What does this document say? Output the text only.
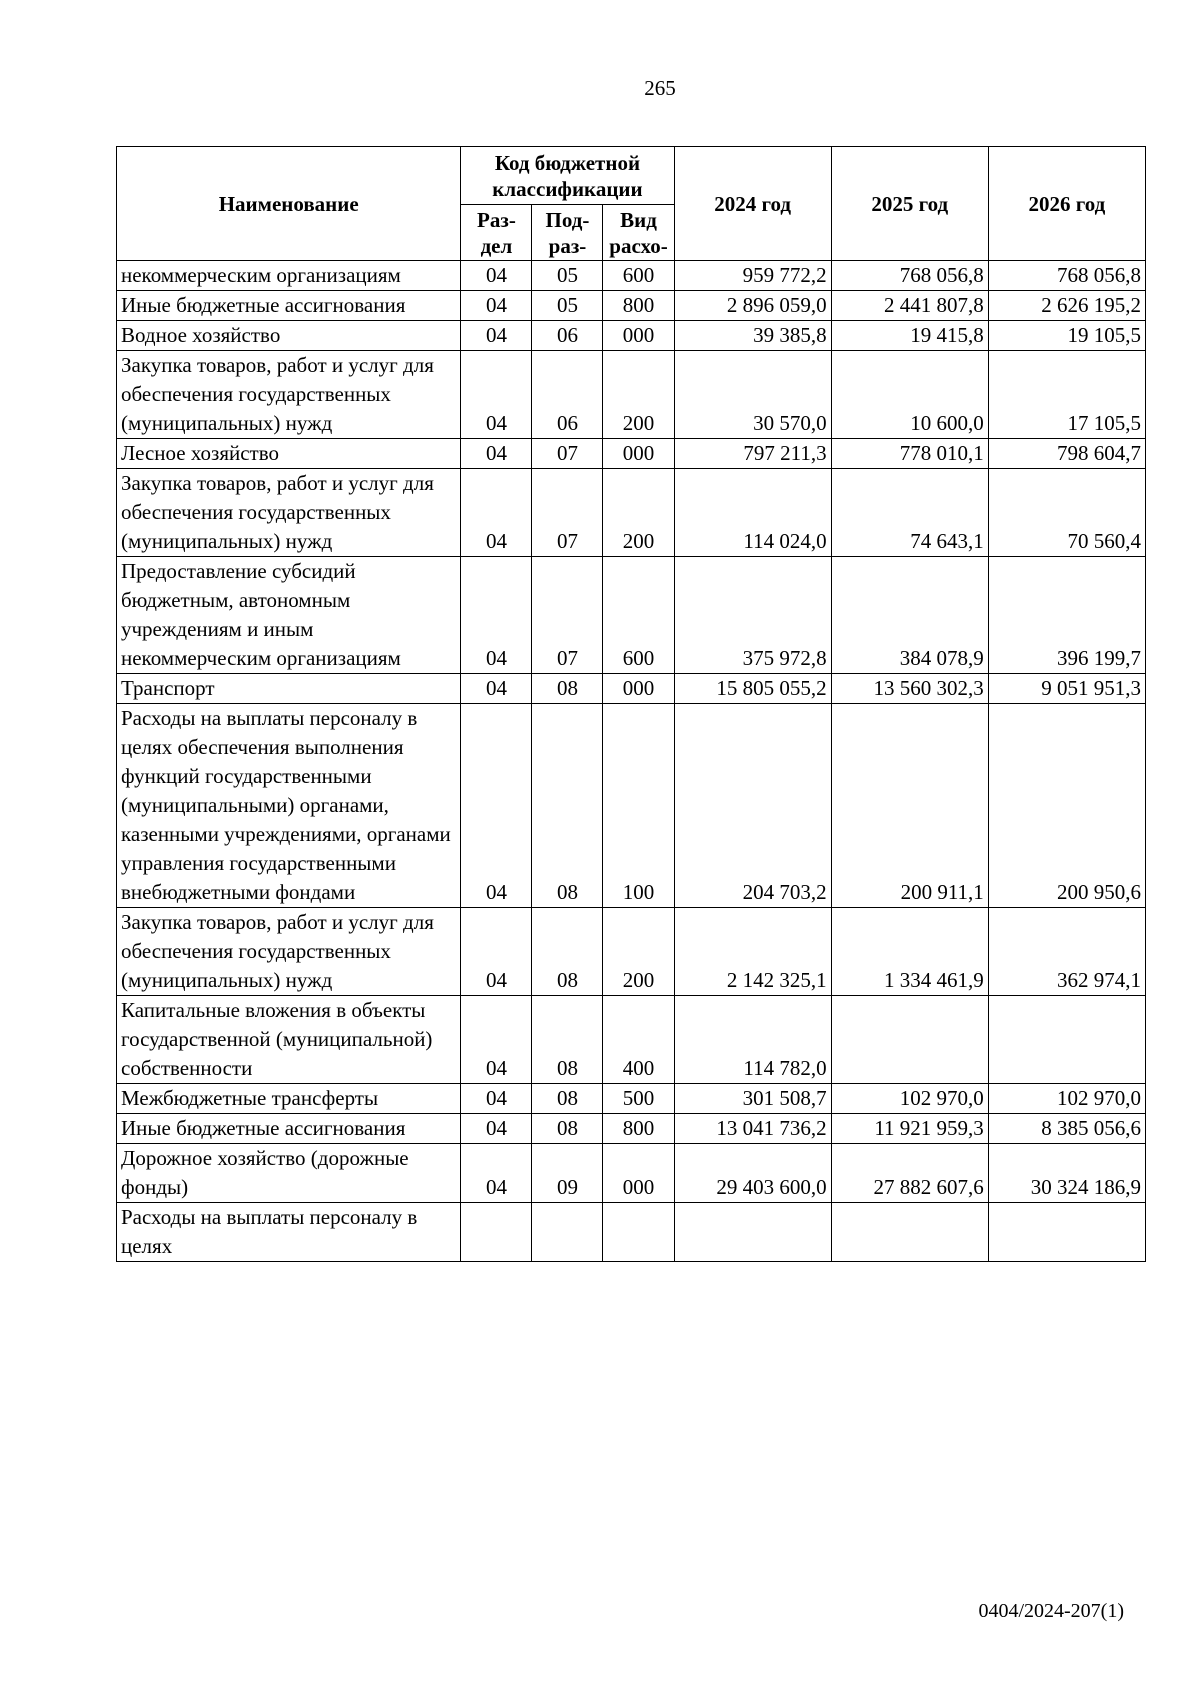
265
Наименование	Код бюджетной классификации			2024 год	2025 год	2026 год
	Раз- дел	Под- раз-	Вид расхо-			
некоммерческим организациям	04	05	600	959 772,2	768 056,8	768 056,8
Иные бюджетные ассигнования	04	05	800	2 896 059,0	2 441 807,8	2 626 195,2
Водное хозяйство	04	06	000	39 385,8	19 415,8	19 105,5
Закупка товаров, работ и услуг для обеспечения государственных (муниципальных) нужд	04	06	200	30 570,0	10 600,0	17 105,5
Лесное хозяйство	04	07	000	797 211,3	778 010,1	798 604,7
Закупка товаров, работ и услуг для обеспечения государственных (муниципальных) нужд	04	07	200	114 024,0	74 643,1	70 560,4
Предоставление субсидий бюджетным, автономным учреждениям и иным некоммерческим организациям	04	07	600	375 972,8	384 078,9	396 199,7
Транспорт	04	08	000	15 805 055,2	13 560 302,3	9 051 951,3
Расходы на выплаты персоналу в целях обеспечения выполнения функций государственными (муниципальными) органами, казенными учреждениями, органами управления государственными внебюджетными фондами	04	08	100	204 703,2	200 911,1	200 950,6
Закупка товаров, работ и услуг для обеспечения государственных (муниципальных) нужд	04	08	200	2 142 325,1	1 334 461,9	362 974,1
Капитальные вложения в объекты государственной (муниципальной) собственности	04	08	400	114 782,0		
Межбюджетные трансферты	04	08	500	301 508,7	102 970,0	102 970,0
Иные бюджетные ассигнования	04	08	800	13 041 736,2	11 921 959,3	8 385 056,6
Дорожное хозяйство (дорожные фонды)	04	09	000	29 403 600,0	27 882 607,6	30 324 186,9
Расходы на выплаты персоналу в целях						
0404/2024-207(1)
